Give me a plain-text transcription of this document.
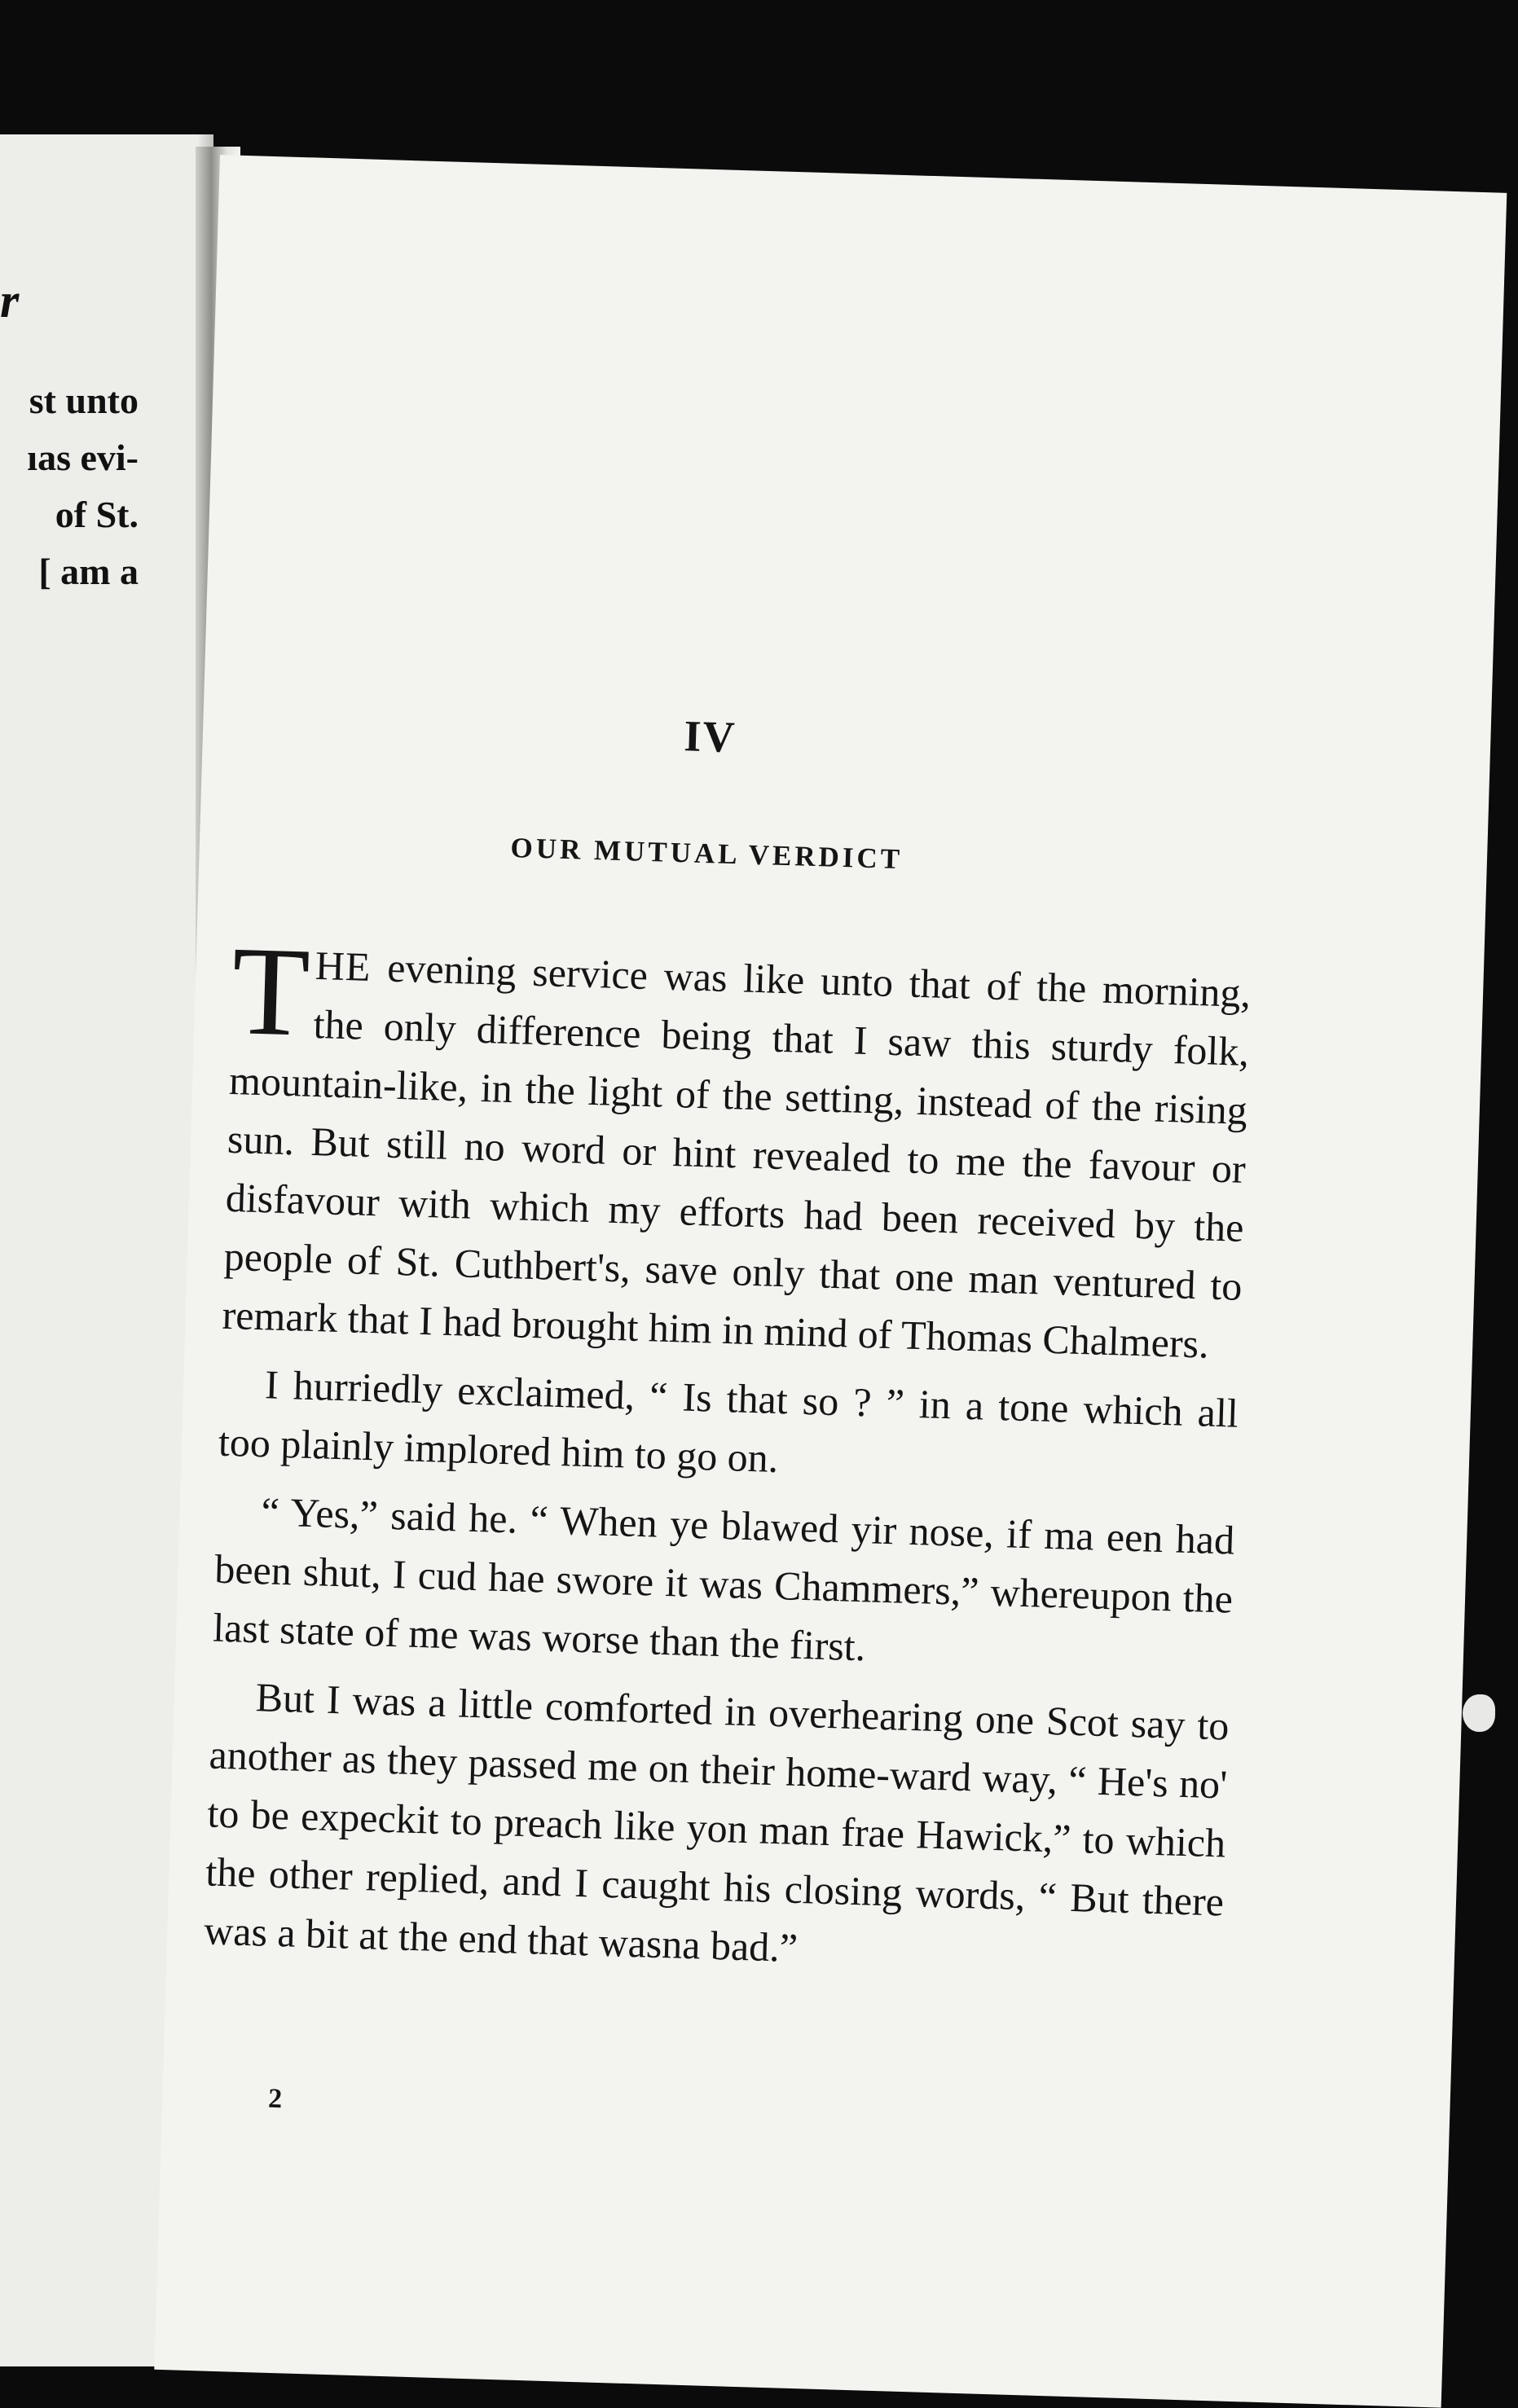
r
st unto
ıas evi-
of St.
[ am a
IV
OUR MUTUAL VERDICT

THE evening service was like unto that of the morning, the only difference being that I saw this sturdy folk, mountain-like, in the light of the setting, instead of the rising sun. But still no word or hint revealed to me the favour or disfavour with which my efforts had been received by the people of St. Cuthbert's, save only that one man ventured to remark that I had brought him in mind of Thomas Chalmers.

I hurriedly exclaimed, “ Is that so ? ” in a tone which all too plainly implored him to go on.

“ Yes,” said he. “ When ye blawed yir nose, if ma een had been shut, I cud hae swore it was Chammers,” whereupon the last state of me was worse than the first.

But I was a little comforted in overhearing one Scot say to another as they passed me on their home-ward way, “ He's no' to be expeckit to preach like yon man frae Hawick,” to which the other replied, and I caught his closing words, “ But there was a bit at the end that wasna bad.”

2
